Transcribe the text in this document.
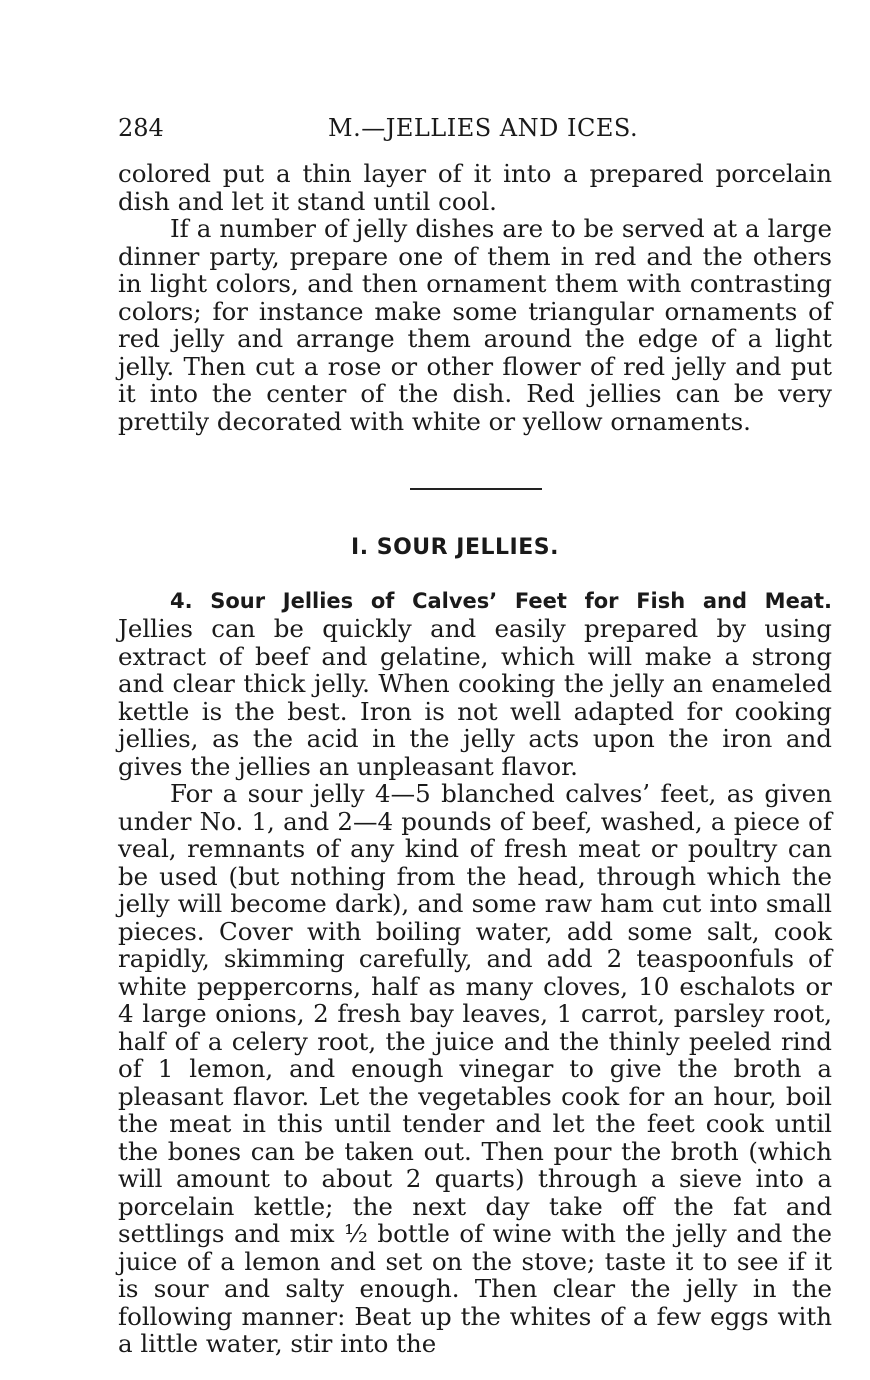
284	M.—JELLIES AND ICES.

colored put a thin layer of it into a prepared porcelain dish and let it stand until cool.

If a number of jelly dishes are to be served at a large dinner party, prepare one of them in red and the others in light colors, and then ornament them with contrasting colors; for instance make some triangular ornaments of red jelly and arrange them around the edge of a light jelly. Then cut a rose or other flower of red jelly and put it into the center of the dish. Red jellies can be very prettily decorated with white or yellow ornaments.

I. SOUR JELLIES.
4. Sour Jellies of Calves’ Feet for Fish and Meat.

Jellies can be quickly and easily prepared by using extract of beef and gelatine, which will make a strong and clear thick jelly. When cooking the jelly an enameled kettle is the best. Iron is not well adapted for cooking jellies, as the acid in the jelly acts upon the iron and gives the jellies an unpleasant flavor.

For a sour jelly 4—5 blanched calves’ feet, as given under No. 1, and 2—4 pounds of beef, washed, a piece of veal, remnants of any kind of fresh meat or poultry can be used (but nothing from the head, through which the jelly will become dark), and some raw ham cut into small pieces. Cover with boiling water, add some salt, cook rapidly, skimming carefully, and add 2 teaspoonfuls of white peppercorns, half as many cloves, 10 eschalots or 4 large onions, 2 fresh bay leaves, 1 carrot, parsley root, half of a celery root, the juice and the thinly peeled rind of 1 lemon, and enough vinegar to give the broth a pleasant flavor. Let the vegetables cook for an hour, boil the meat in this until tender and let the feet cook until the bones can be taken out. Then pour the broth (which will amount to about 2 quarts) through a sieve into a porcelain kettle; the next day take off the fat and settlings and mix ½ bottle of wine with the jelly and the juice of a lemon and set on the stove; taste it to see if it is sour and salty enough. Then clear the jelly in the following manner: Beat up the whites of a few eggs with a little water, stir into the
